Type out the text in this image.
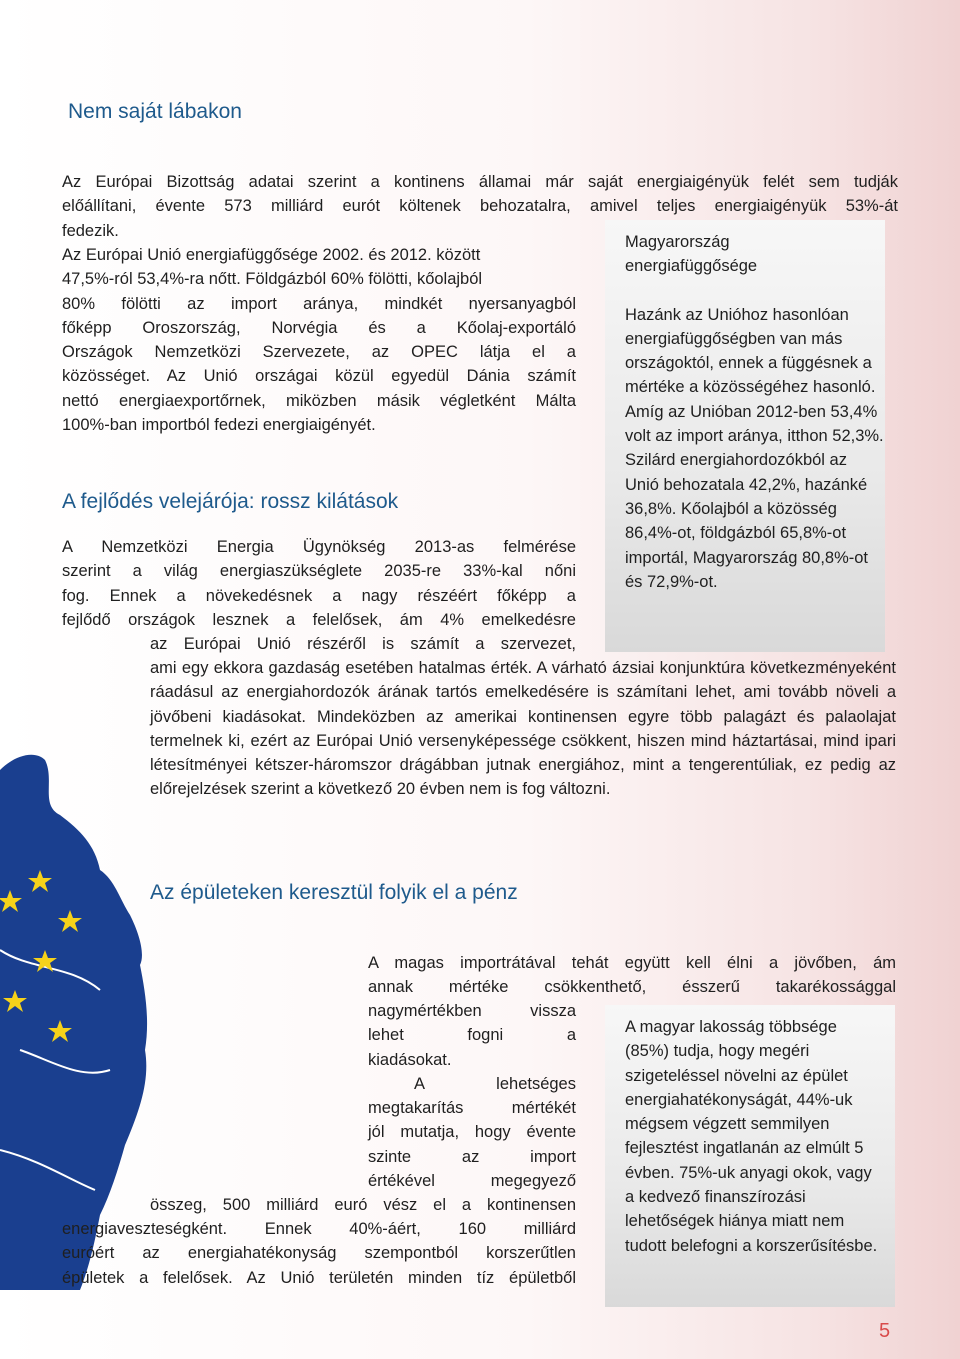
Nem saját lábakon
Az Európai Bizottság adatai szerint a kontinens államai már saját energiaigényük felét sem tudják
előállítani, évente 573 milliárd eurót költenek behozatalra, amivel teljes energiaigényük 53%-át
fedezik.
Az Európai Unió energiafüggősége 2002. és 2012. között
47,5%-ról 53,4%-ra nőtt. Földgázból 60% fölötti, kőolajból
80% fölötti az import aránya, mindkét nyersanyagból
főképp Oroszország, Norvégia és a Kőolaj-exportáló
Országok Nemzetközi Szervezete, az OPEC látja el a
közösséget. Az Unió országai közül egyedül Dánia számít
nettó energiaexportőrnek, miközben másik végletként Málta
100%-ban importból fedezi energiaigényét.

Magyarország
energiafüggősége

Hazánk az Unióhoz hasonlóan energiafüggőségben van más országoktól, ennek a függésnek a mértéke a közösségéhez hasonló. Amíg az Unióban 2012-ben 53,4% volt az import aránya, itthon 52,3%. Szilárd energiahordozókból az Unió behozatala 42,2%, hazánké 36,8%. Kőolajból a közösség 86,4%-ot, földgázból 65,8%-ot importál, Magyarország 80,8%-ot és 72,9%-ot.

A fejlődés velejárója: rossz kilátások
A Nemzetközi Energia Ügynökség 2013-as felmérése
szerint a világ energiaszükséglete 2035-re 33%-kal nőni
fog. Ennek a növekedésnek a nagy részéért főképp a
fejlődő országok lesznek a felelősek, ám 4% emelkedésre
az Európai Unió részéről is számít a szervezet,
ami egy ekkora gazdaság esetében hatalmas érték. A várható ázsiai konjunktúra következményeként ráadásul az energiahordozók árának tartós emelkedésére is számítani lehet, ami tovább növeli a jövőbeni kiadásokat. Mindeközben az amerikai kontinensen egyre több palagázt és palaolajat termelnek ki, ezért az Európai Unió versenyképessége csökkent, hiszen mind háztartásai, mind ipari létesítményei kétszer-háromszor drágábban jutnak energiához, mint a tengerentúliak, ez pedig az előrejelzések szerint a következő 20 évben nem is fog változni.
Az épületeken keresztül folyik el a pénz
A magas importrátával tehát együtt kell élni a jövőben, ám
annak mértéke csökkenthető, ésszerű takarékossággal
nagymértékben vissza
lehet fogni a
kiadásokat.
A lehetséges
megtakarítás mértékét
jól mutatja, hogy évente
szinte az import
értékével megegyező
összeg, 500 milliárd euró vész el a kontinensen
energiaveszteségként. Ennek 40%-áért, 160 milliárd
euróért az energiahatékonyság szempontból korszerűtlen
épületek a felelősek. Az Unió területén minden tíz épületből

A magyar lakosság többsége (85%) tudja, hogy megéri szigeteléssel növelni az épület energiahatékonyságát, 44%-uk mégsem végzett semmilyen fejlesztést ingatlanán az elmúlt 5 évben. 75%-uk anyagi okok, vagy a kedvező finanszírozási lehetőségek hiánya miatt nem tudott belefogni a korszerűsítésbe.

5
